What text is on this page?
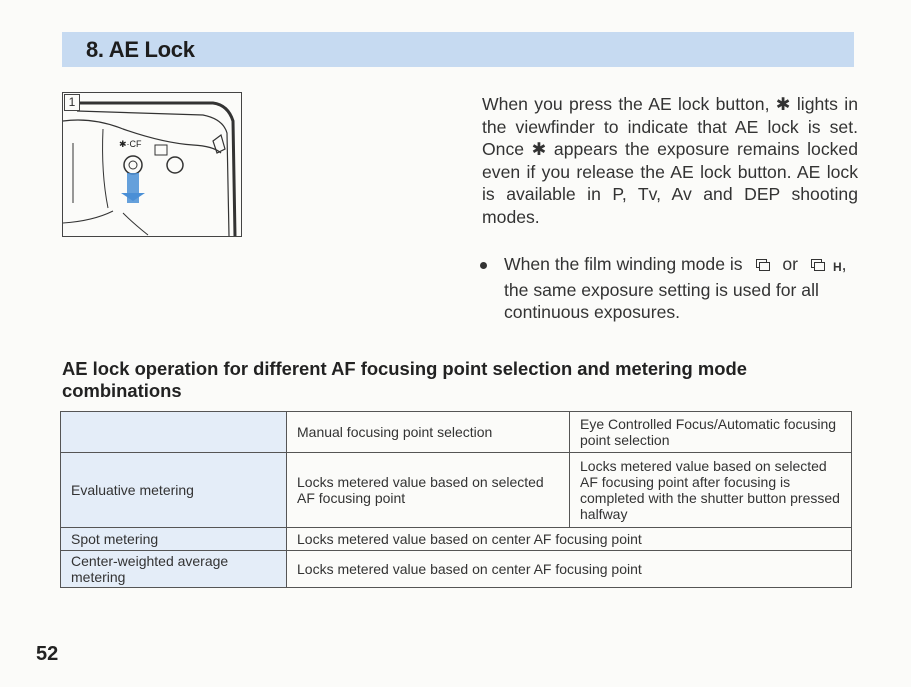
8. AE Lock
1
✱·CF

When you press the AE lock button, ✱ lights in the viewfinder to indicate that AE lock is set. Once ✱ appears the exposure remains locked even if you release the AE lock button. AE lock is available in P, Tv, Av and DEP shooting modes.

When the film winding mode is or	H, the same exposure setting is used for all continuous exposures.
AE lock operation for different AF focusing point selection and metering mode combinations
	Manual focusing point selection	Eye Controlled Focus/Automatic focusing point selection
Evaluative metering	Locks metered value based on selected AF focusing point	Locks metered value based on selected AF focusing point after focusing is completed with the shutter button pressed halfway
Spot metering	Locks metered value based on center AF focusing point	
Center-weighted average metering	Locks metered value based on center AF focusing point	
52
